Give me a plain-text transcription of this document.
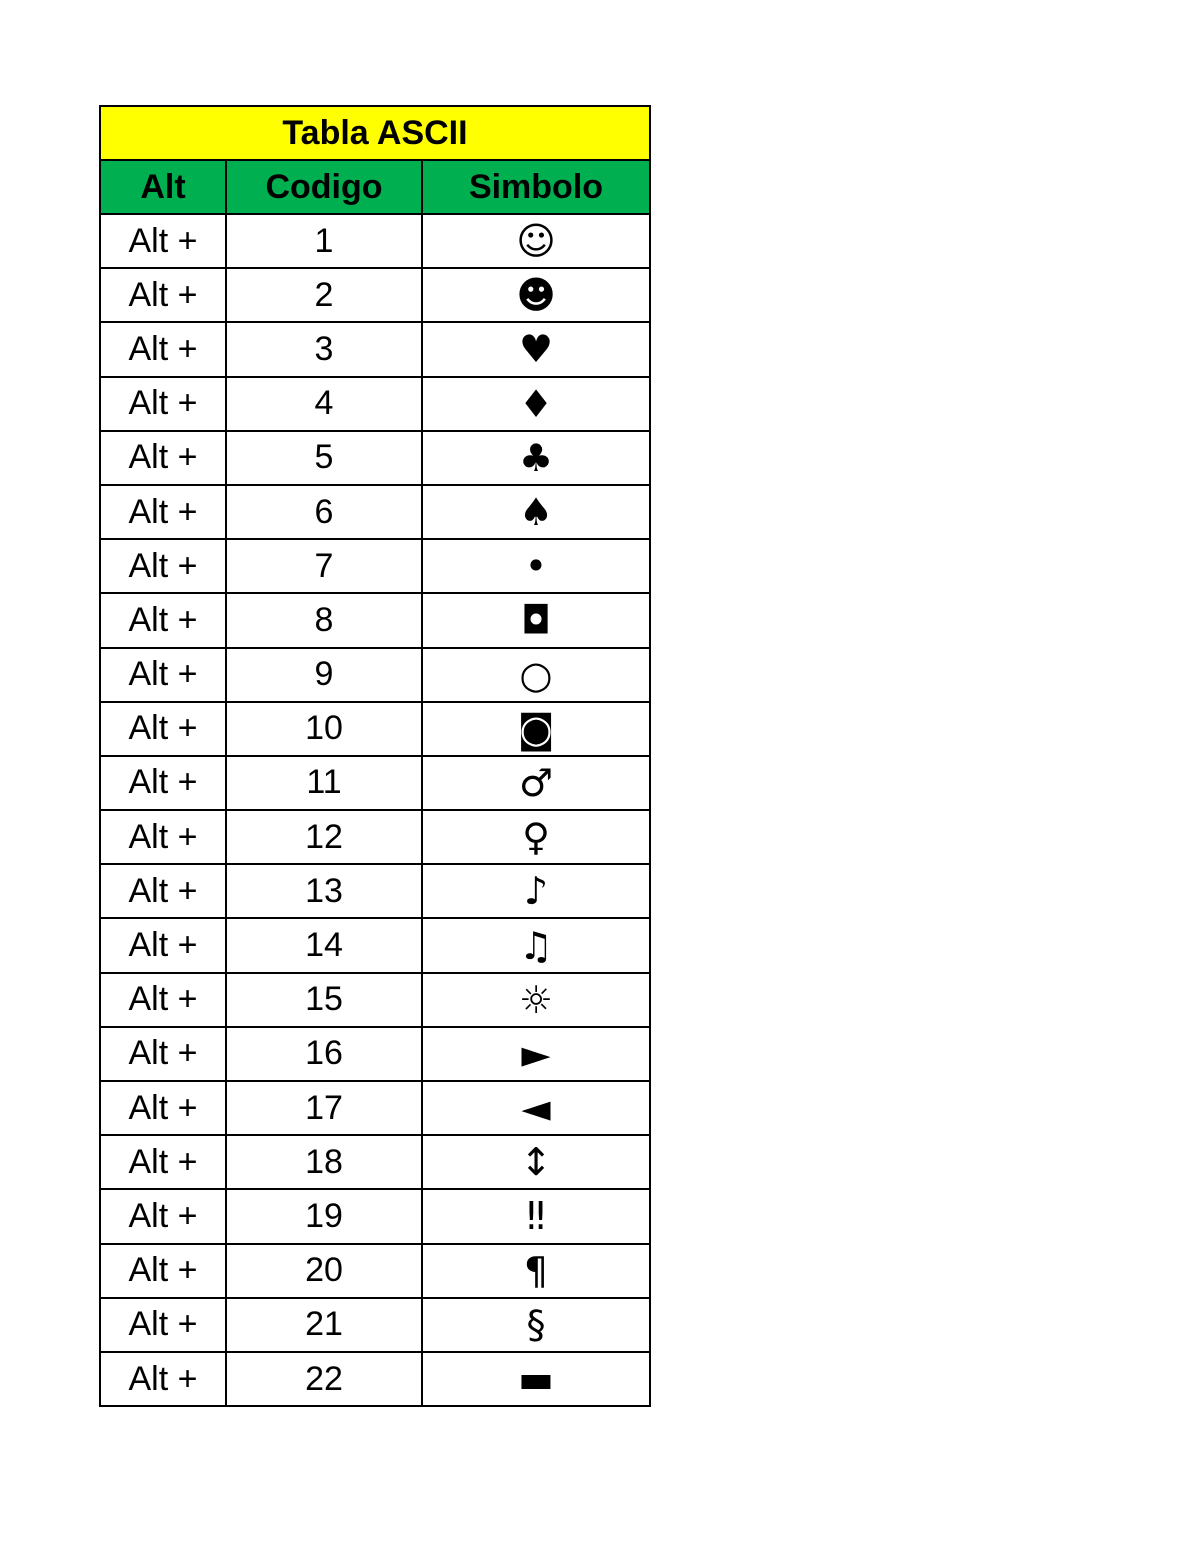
Tabla ASCII		
Alt	Codigo	Simbolo
Alt +	1	☺
Alt +	2	☻
Alt +	3	♥
Alt +	4	♦
Alt +	5	♣
Alt +	6	♠
Alt +	7	•
Alt +	8	◘
Alt +	9	○
Alt +	10	◙
Alt +	11	♂
Alt +	12	♀
Alt +	13	♪
Alt +	14	♫
Alt +	15	☼
Alt +	16	►
Alt +	17	◄
Alt +	18	↕
Alt +	19	‼
Alt +	20	¶
Alt +	21	§
Alt +	22	▬
